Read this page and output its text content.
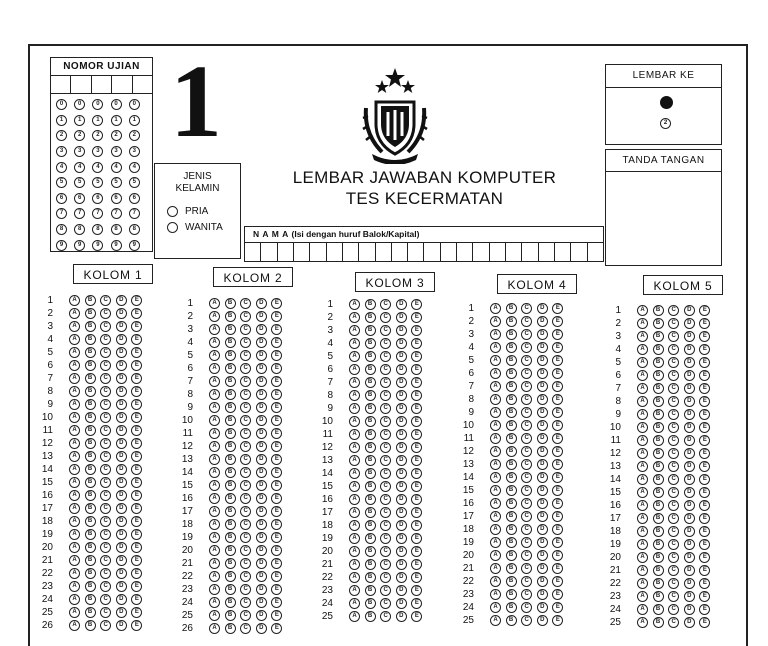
NOMOR UJIAN
0	0	0	0	0
1	1	1	1	1
2	2	2	2	2
3	3	3	3	3
4	4	4	4	4
5	5	5	5	5
6	6	6	6	6
7	7	7	7	7
8	8	8	8	8
9	9	9	9	9
1
JENIS
KELAMIN
PRIA
WANITA
LEMBAR JAWABAN KOMPUTER
TES KECERMATAN
N A M A (Isi dengan huruf Balok/Kapital)
LEMBAR KE
2
TANDA TANGAN
KOLOM 1
1	A	B	C	D	E
2	A	B	C	D	E
3	A	B	C	D	E
4	A	B	C	D	E
5	A	B	C	D	E
6	A	B	C	D	E
7	A	B	C	D	E
8	A	B	C	D	E
9	A	B	C	D	E
10	A	B	C	D	E
11	A	B	C	D	E
12	A	B	C	D	E
13	A	B	C	D	E
14	A	B	C	D	E
15	A	B	C	D	E
16	A	B	C	D	E
17	A	B	C	D	E
18	A	B	C	D	E
19	A	B	C	D	E
20	A	B	C	D	E
21	A	B	C	D	E
22	A	B	C	D	E
23	A	B	C	D	E
24	A	B	C	D	E
25	A	B	C	D	E
26	A	B	C	D	E
KOLOM 2
1	A	B	C	D	E
2	A	B	C	D	E
3	A	B	C	D	E
4	A	B	C	D	E
5	A	B	C	D	E
6	A	B	C	D	E
7	A	B	C	D	E
8	A	B	C	D	E
9	A	B	C	D	E
10	A	B	C	D	E
11	A	B	C	D	E
12	A	B	C	D	E
13	A	B	C	D	E
14	A	B	C	D	E
15	A	B	C	D	E
16	A	B	C	D	E
17	A	B	C	D	E
18	A	B	C	D	E
19	A	B	C	D	E
20	A	B	C	D	E
21	A	B	C	D	E
22	A	B	C	D	E
23	A	B	C	D	E
24	A	B	C	D	E
25	A	B	C	D	E
26	A	B	C	D	E
KOLOM 3
1	A	B	C	D	E
2	A	B	C	D	E
3	A	B	C	D	E
4	A	B	C	D	E
5	A	B	C	D	E
6	A	B	C	D	E
7	A	B	C	D	E
8	A	B	C	D	E
9	A	B	C	D	E
10	A	B	C	D	E
11	A	B	C	D	E
12	A	B	C	D	E
13	A	B	C	D	E
14	A	B	C	D	E
15	A	B	C	D	E
16	A	B	C	D	E
17	A	B	C	D	E
18	A	B	C	D	E
19	A	B	C	D	E
20	A	B	C	D	E
21	A	B	C	D	E
22	A	B	C	D	E
23	A	B	C	D	E
24	A	B	C	D	E
25	A	B	C	D	E
KOLOM 4
1	A	B	C	D	E
2	A	B	C	D	E
3	A	B	C	D	E
4	A	B	C	D	E
5	A	B	C	D	E
6	A	B	C	D	E
7	A	B	C	D	E
8	A	B	C	D	E
9	A	B	C	D	E
10	A	B	C	D	E
11	A	B	C	D	E
12	A	B	C	D	E
13	A	B	C	D	E
14	A	B	C	D	E
15	A	B	C	D	E
16	A	B	C	D	E
17	A	B	C	D	E
18	A	B	C	D	E
19	A	B	C	D	E
20	A	B	C	D	E
21	A	B	C	D	E
22	A	B	C	D	E
23	A	B	C	D	E
24	A	B	C	D	E
25	A	B	C	D	E
KOLOM 5
1	A	B	C	D	E
2	A	B	C	D	E
3	A	B	C	D	E
4	A	B	C	D	E
5	A	B	C	D	E
6	A	B	C	D	E
7	A	B	C	D	E
8	A	B	C	D	E
9	A	B	C	D	E
10	A	B	C	D	E
11	A	B	C	D	E
12	A	B	C	D	E
13	A	B	C	D	E
14	A	B	C	D	E
15	A	B	C	D	E
16	A	B	C	D	E
17	A	B	C	D	E
18	A	B	C	D	E
19	A	B	C	D	E
20	A	B	C	D	E
21	A	B	C	D	E
22	A	B	C	D	E
23	A	B	C	D	E
24	A	B	C	D	E
25	A	B	C	D	E
